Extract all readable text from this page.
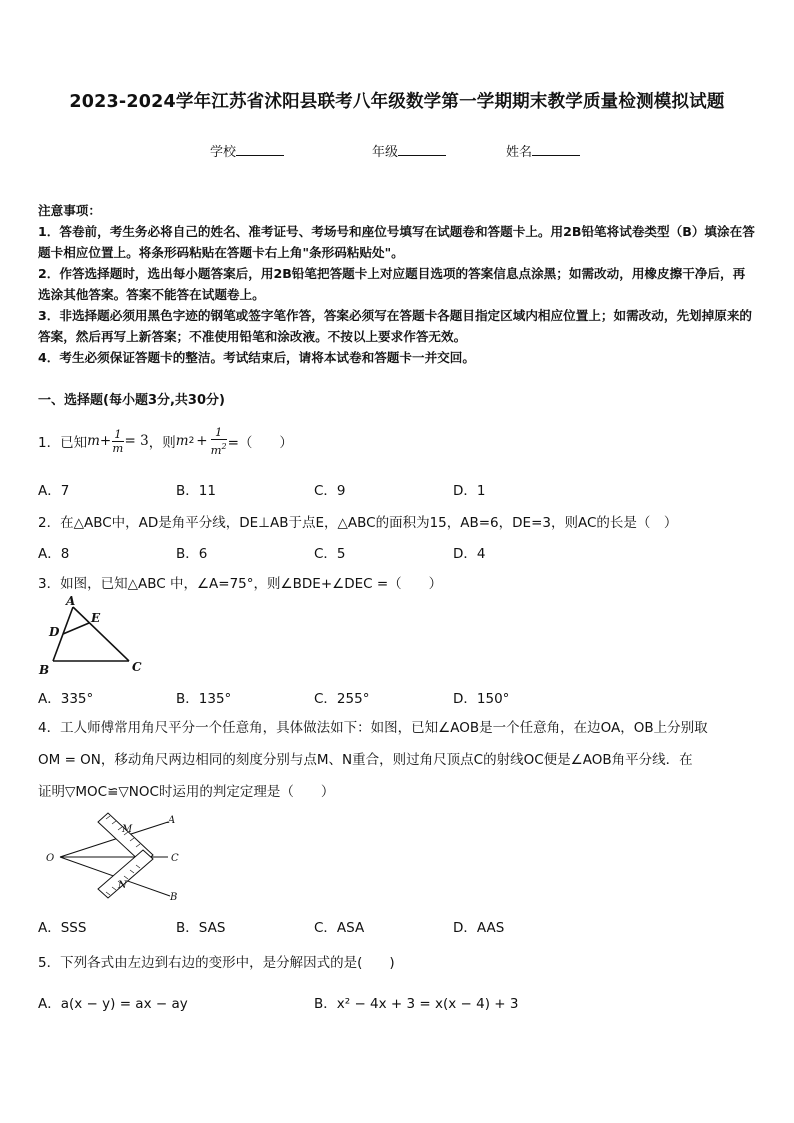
2023-2024学年江苏省沭阳县联考八年级数学第一学期期末教学质量检测模拟试题
学校	年级	姓名

注意事项：

1．答卷前，考生务必将自己的姓名、准考证号、考场号和座位号填写在试题卷和答题卡上。用2B铅笔将试卷类型（B）填涂在答题卡相应位置上。将条形码粘贴在答题卡右上角"条形码粘贴处"。

2．作答选择题时，选出每小题答案后，用2B铅笔把答题卡上对应题目选项的答案信息点涂黑；如需改动，用橡皮擦干净后，再选涂其他答案。答案不能答在试题卷上。

3．非选择题必须用黑色字迹的钢笔或签字笔作答，答案必须写在答题卡各题目指定区域内相应位置上；如需改动，先划掉原来的答案，然后再写上新答案；不准使用铅笔和涂改液。不按以上要求作答无效。

4．考生必须保证答题卡的整洁。考试结束后，请将本试卷和答题卡一并交回。

一、选择题(每小题3分,共30分)
1．已知 $m+ \frac{1}{m} = 3$ ，则 m $2 + \frac{1}{m^2}$ =（　　）
A．7	B．11	C．9	D．1
2．在△ABC中，AD是角平分线，DE⊥AB于点E，△ABC的面积为15，AB=6，DE=3，则AC的长是（　）
A．8	B．6	C．5	D．4
3．如图，已知△ABC 中，∠A=75°，则∠BDE+∠DEC =（　　）
A
B	C
D
E
A．335°	B．135°	C．255°	D．150°

4．工人师傅常用角尺平分一个任意角，具体做法如下：如图，已知∠AOB是一个任意角，在边OA，OB上分别取

OM = ON，移动角尺两边相同的刻度分别与点M、N重合，则过角尺顶点C的射线OC便是∠AOB角平分线．在

证明▽MOC≌▽NOC时运用的判定定理是（　　）

O
A
B
C
M
N
A．SSS	B．SAS	C．ASA	D．AAS
5．下列各式由左边到右边的变形中，是分解因式的是(　　)
A．a(x − y) = ax − ay	B．x² − 4x + 3 = x(x − 4) + 3
